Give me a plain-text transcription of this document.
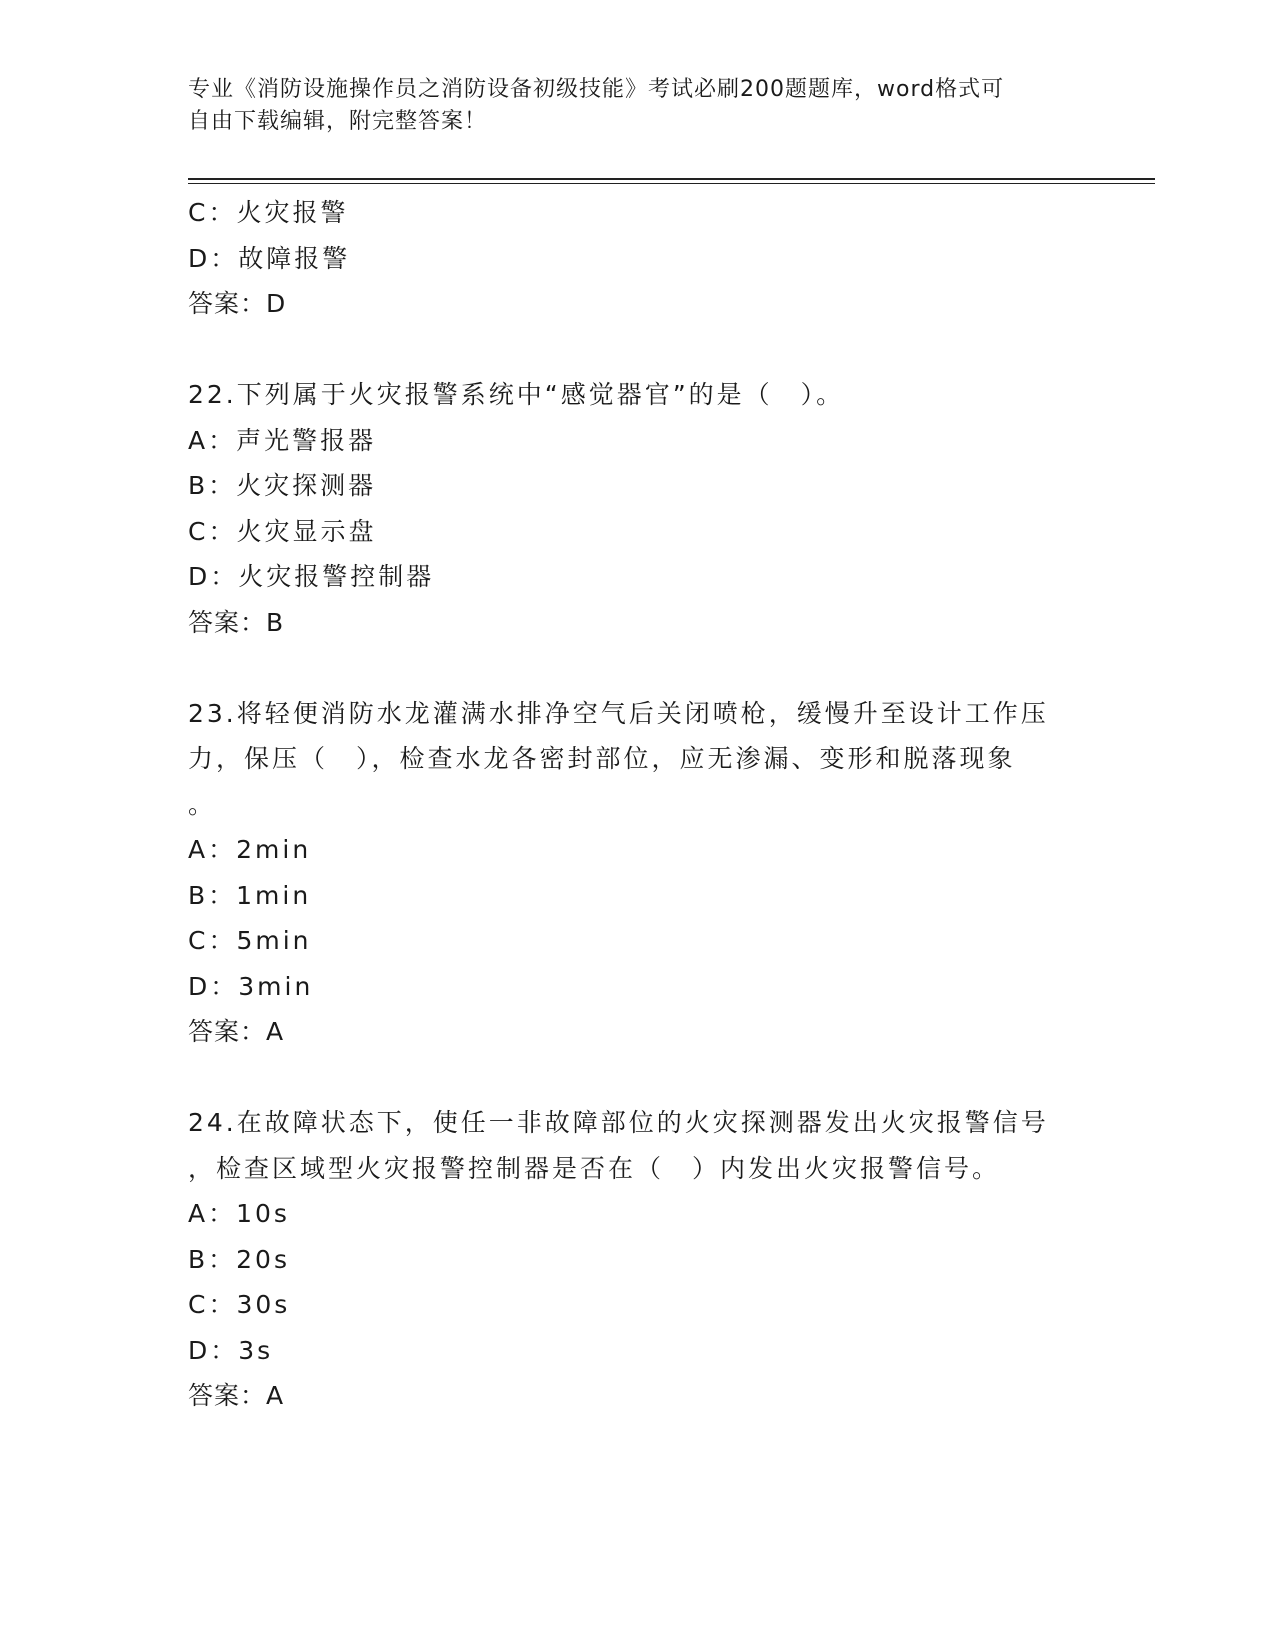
专业《消防设施操作员之消防设备初级技能》考试必刷200题题库，word格式可
自由下载编辑，附完整答案！
C：火灾报警
D：故障报警
答案：D
22.下列属于火灾报警系统中“感觉器官”的是（　）。
A：声光警报器
B：火灾探测器
C：火灾显示盘
D：火灾报警控制器
答案：B
23.将轻便消防水龙灌满水排净空气后关闭喷枪，缓慢升至设计工作压
力，保压（　），检查水龙各密封部位，应无渗漏、变形和脱落现象
。
A：2min
B：1min
C：5min
D：3min
答案：A
24.在故障状态下，使任一非故障部位的火灾探测器发出火灾报警信号
，检查区域型火灾报警控制器是否在（　）内发出火灾报警信号。
A：10s
B：20s
C：30s
D：3s
答案：A
